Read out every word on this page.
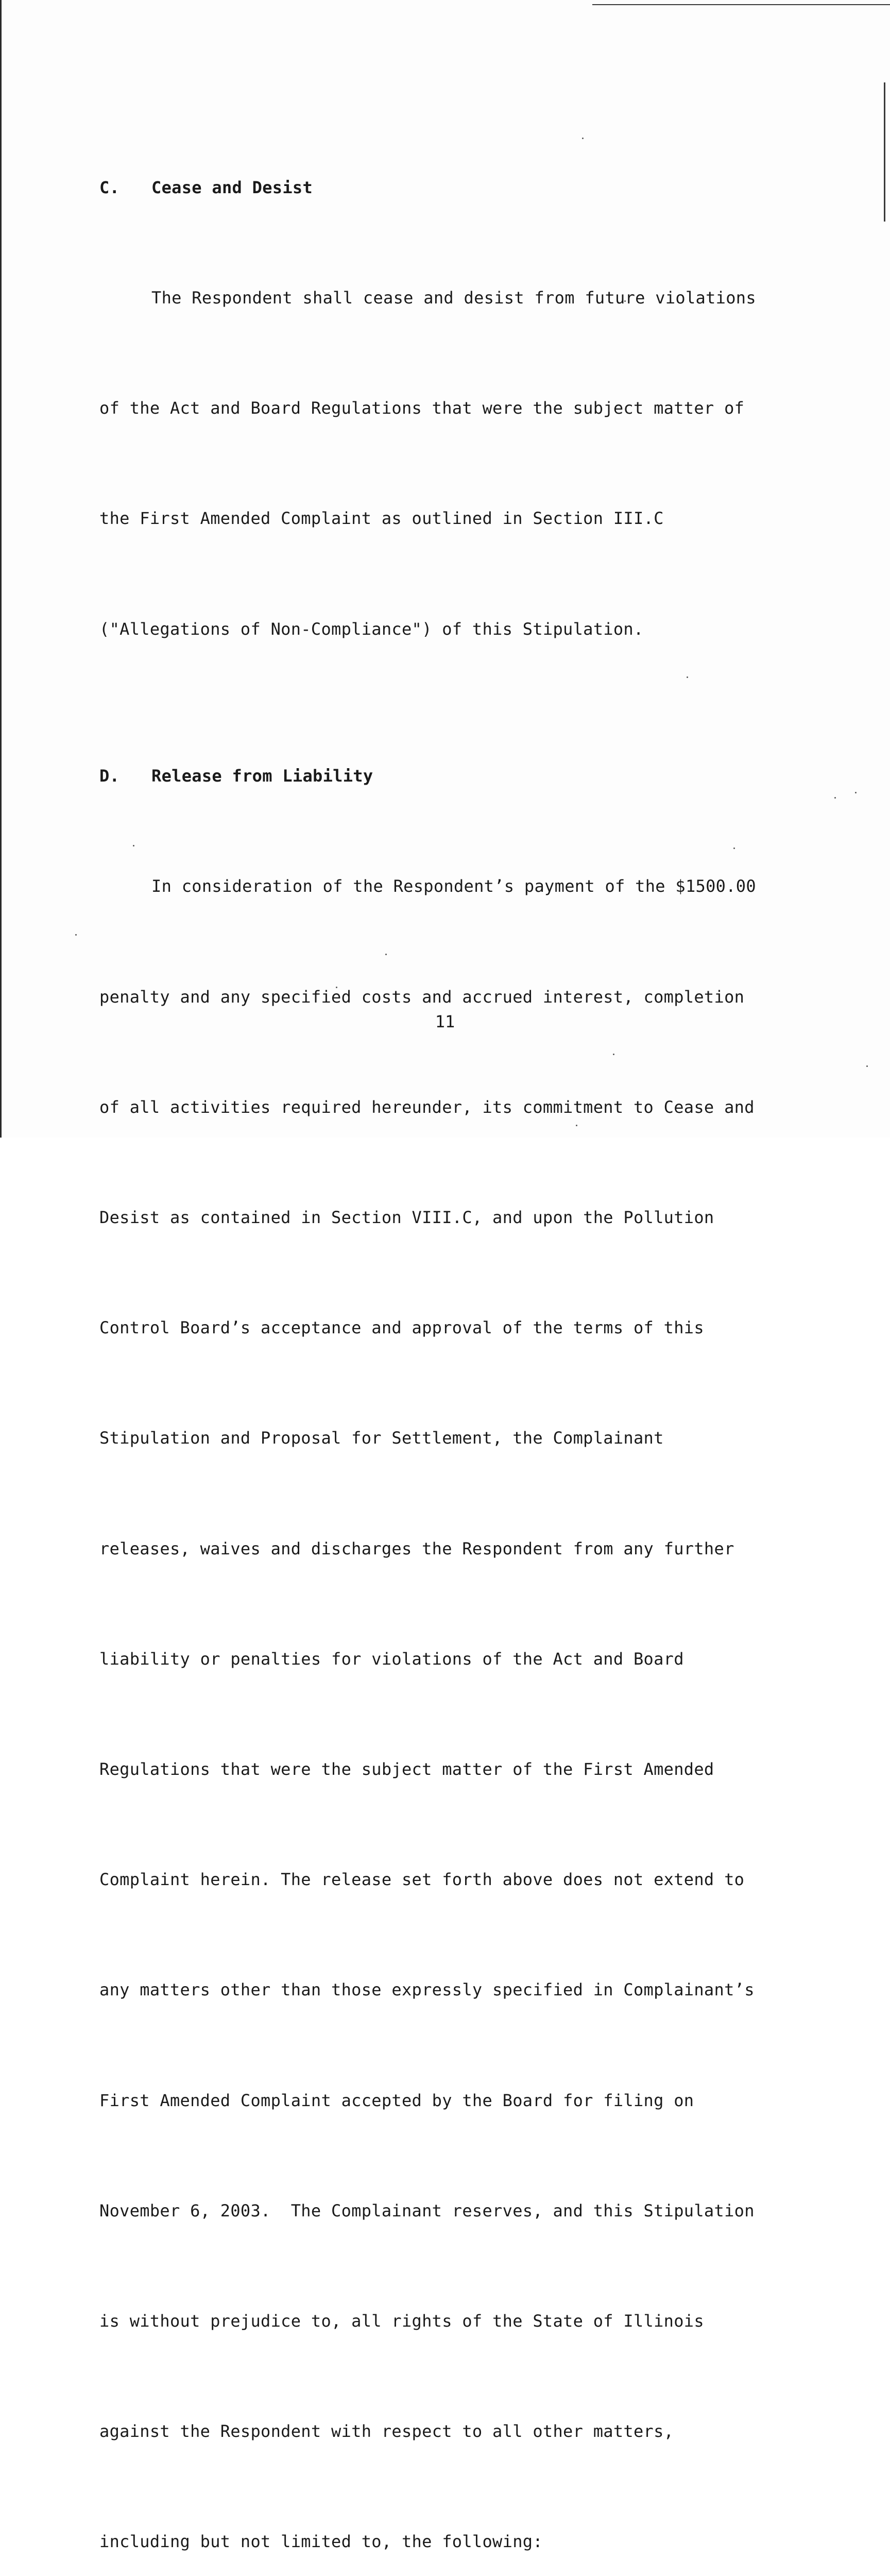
C. Cease and Desist

The Respondent shall cease and desist from future violations

of the Act and Board Regulations that were the subject matter of

the First Amended Complaint as outlined in Section III.C

("Allegations of Non-Compliance") of this Stipulation.

D. Release from Liability

In consideration of the Respondent’s payment of the $1500.00

penalty and any specified costs and accrued interest, completion

of all activities required hereunder, its commitment to Cease and

Desist as contained in Section VIII.C, and upon the Pollution

Control Board’s acceptance and approval of the terms of this

Stipulation and Proposal for Settlement, the Complainant

releases, waives and discharges the Respondent from any further

liability or penalties for violations of the Act and Board

Regulations that were the subject matter of the First Amended

Complaint herein. The release set forth above does not extend to

any matters other than those expressly specified in Complainant’s

First Amended Complaint accepted by the Board for filing on

November 6, 2003.  The Complainant reserves, and this Stipulation

is without prejudice to, all rights of the State of Illinois

against the Respondent with respect to all other matters,

including but not limited to, the following:

11
